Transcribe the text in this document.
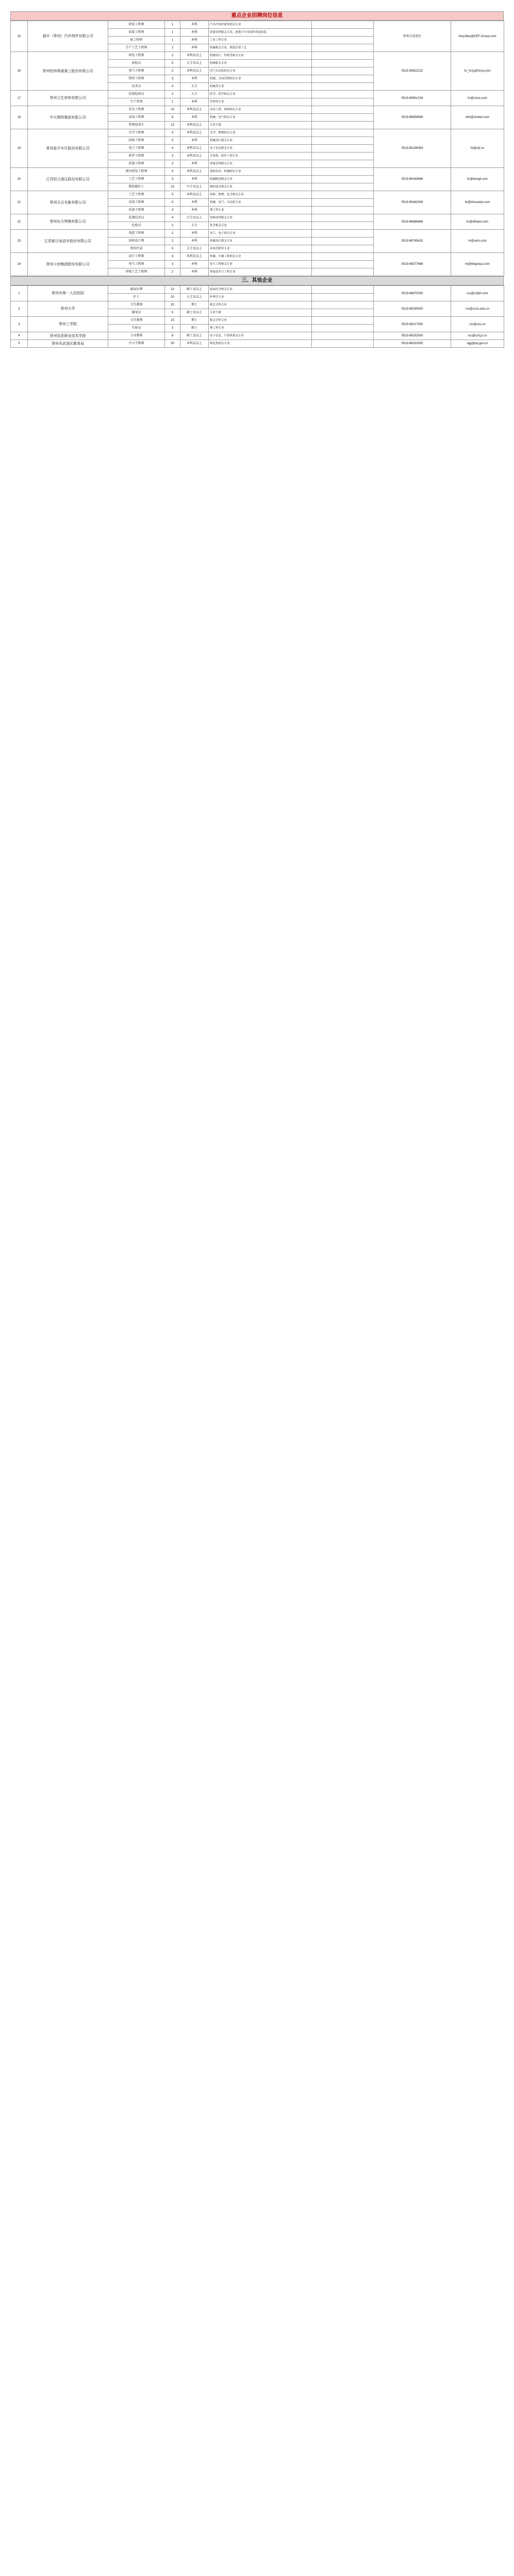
重点企业招聘岗位信息
15	福丰（常州）汽车饰件有限公司	研发工程师	1	本科	汽车内饰件研发相关专业		常州市武进区	Amy.Bao@KEF-Group.com
		质量工程师	1	本科	质量管理相关专业，熟悉汽车零部件质量体系			
		IE工程师	1	本科	工业工程专业			
		生产工艺工程师	2	本科	机械相关专业，熟悉注塑工艺			
16	常州恒锌禹晟重工股份有限公司	研发工程师	2	本科及以上	机械设计、焊接等相关专业		0519-89822222	hr_hrzy@hzsy.com
		质检员	5	大专及以上	机械相关专业			
		电气工程师	2	本科及以上	电气自动化相关专业			
		销售工程师	3	本科	机械、市场营销相关专业			
		技术员	4	大专	机械类专业			
17	常州卫生材料有限公司	质量检验员	2	大专	医学、药学相关专业		0519-88901234	hr@czws.com
		生产管理	1	本科	管理类专业			
18	中天钢铁集团有限公司	冶金工程师	10	本科及以上	冶金工程、材料相关专业		0519-86656666	zthr@ztsteel.com
		设备工程师	8	本科	机械、电气相关专业			
		管理培训生	10	本科及以上	专业不限			
19	常州星宇车灯股份有限公司	光学工程师	3	本科及以上	光学、物理相关专业		0519-85156063	hr@xyl.cn
		结构工程师	5	本科	机械设计相关专业			
		电子工程师	4	本科及以上	电子信息相关专业			
		软件工程师	3	本科及以上	计算机、软件工程专业			
		质量工程师	3	本科	质量管理相关专业			
20	江苏恒立液压股份有限公司	液压研发工程师	5	本科及以上	流体传动、机械相关专业		0519-86163666	hr@hengli.com
		工艺工程师	3	本科	机械制造相关专业			
		数控操作工	10	中专及以上	数控技术相关专业			
21	常州天合光能有限公司	工艺工程师	5	本科及以上	材料、物理、化学相关专业		0519-85482008	hr@trinasolar.com
		设备工程师	5	本科	机械、电气、自动化专业			
		质量工程师	3	本科	理工科专业			
22	常州东方特钢有限公司	轧钢技术员	4	大专及以上	材料成型相关专业		0519-88886666	hr@dfsteel.com
		化验员	2	大专	化学相关专业			
23	江苏新日电动车股份有限公司	电控工程师	2	本科	电气、电子相关专业		0519-88765432	hr@xinri.com
		结构设计师	2	本科	机械设计相关专业			
		销售代表	5	大专及以上	市场营销等专业			
24	常州今创集团股份有限公司	设计工程师	6	本科及以上	机械、车辆工程相关专业		0519-88377688	hr@ktkgroup.com
		电气工程师	3	本科	电气工程相关专业			
		焊接工艺工程师	2	本科	焊接技术与工程专业			
三、其他企业
1	常州市第一人民医院	临床医师	10	硕士及以上	临床医学相关专业		0519-68870000	rsc@czfph.com
		护士	20	大专及以上	护理学专业			
2	常州大学	专任教师	20	博士	相关学科专业		0519-86330000	rsc@cczu.edu.cn
		辅导员	5	硕士及以上	专业不限			
3	常州工学院	专任教师	15	博士	相关学科专业		0519-85217000	rsc@czu.cn
		实验员	3	硕士	理工科专业			
4	常州信息职业技术学院	专业教师	8	硕士及以上	电子信息、计算机相关专业		0519-86332000	rsc@ccit.js.cn
5	常州市武进区教育局	中小学教师	30	本科及以上	师范类相关专业		0519-86310000	wjjy@wj.gov.cn
